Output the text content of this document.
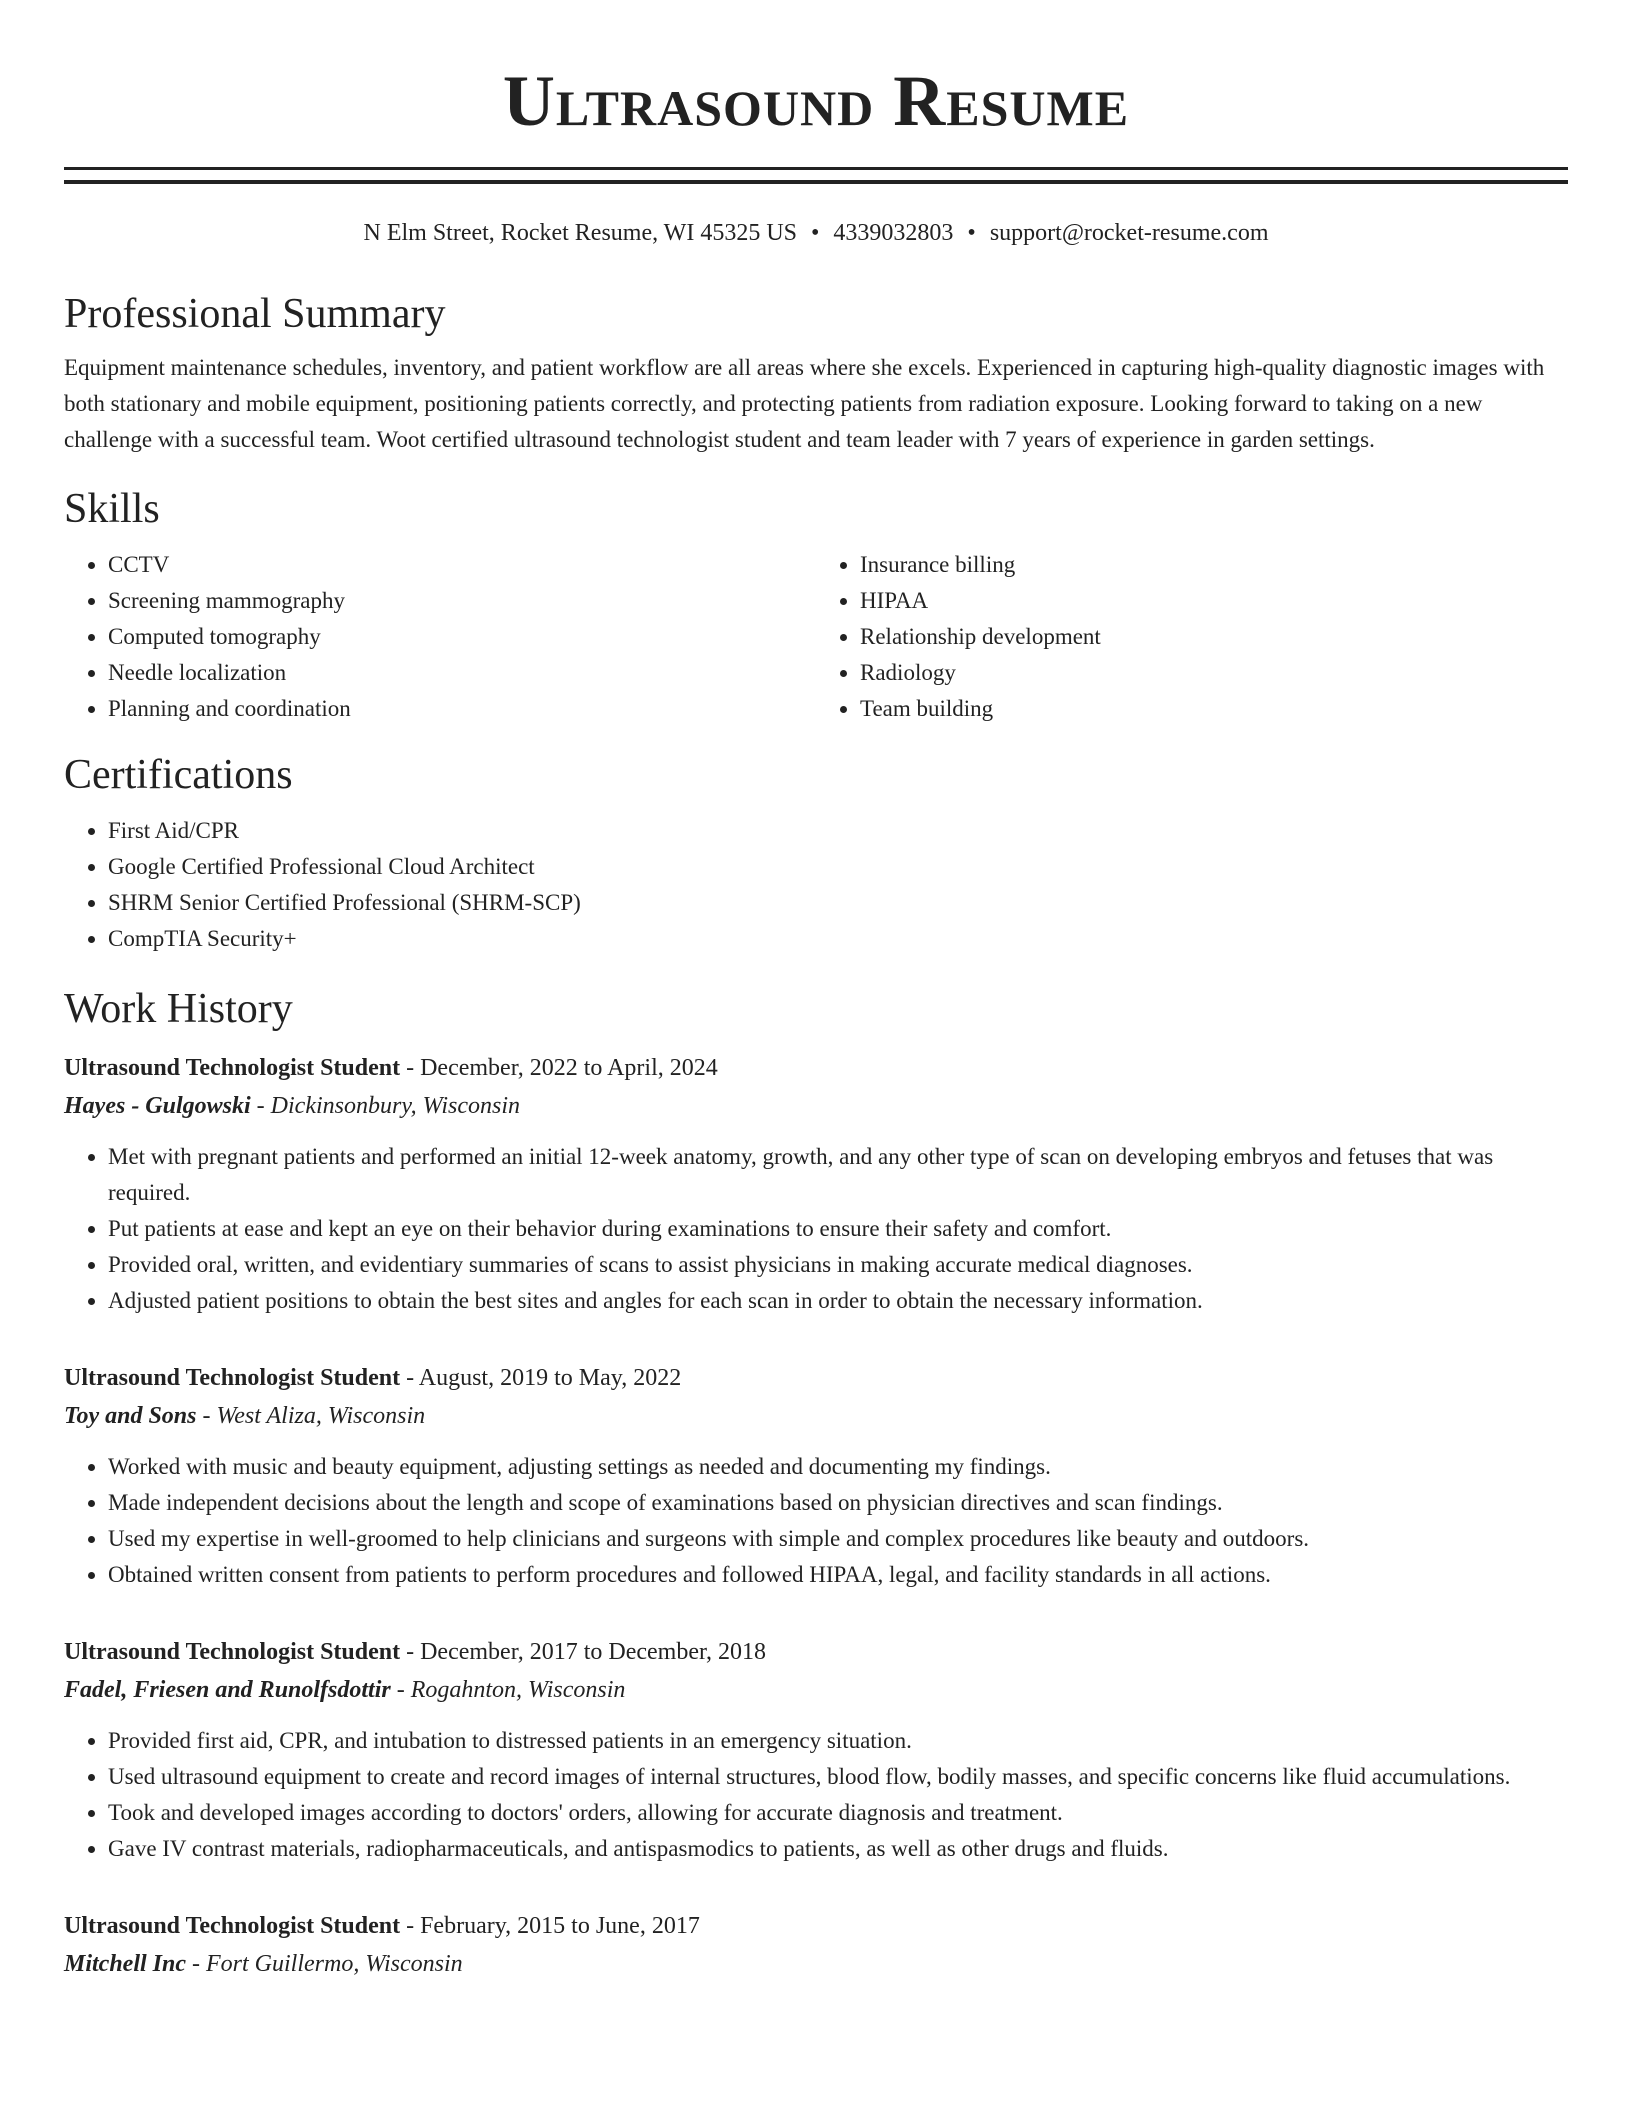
Ultrasound Resume
N Elm Street, Rocket Resume, WI 45325 US • 4339032803 • support@rocket-resume.com
Professional Summary

Equipment maintenance schedules, inventory, and patient workflow are all areas where she excels. Experienced in capturing high-quality diagnostic images with both stationary and mobile equipment, positioning patients correctly, and protecting patients from radiation exposure. Looking forward to taking on a new challenge with a successful team. Woot certified ultrasound technologist student and team leader with 7 years of experience in garden settings.

Skills
• CCTV
• Screening mammography
• Computed tomography
• Needle localization
• Planning and coordination
• Insurance billing
• HIPAA
• Relationship development
• Radiology
• Team building
Certifications
• First Aid/CPR
• Google Certified Professional Cloud Architect
• SHRM Senior Certified Professional (SHRM-SCP)
• CompTIA Security+
Work History
Ultrasound Technologist Student - December, 2022 to April, 2024
Hayes - Gulgowski - Dickinsonbury, Wisconsin
• Met with pregnant patients and performed an initial 12-week anatomy, growth, and any other type of scan on developing embryos and fetuses that was required.
• Put patients at ease and kept an eye on their behavior during examinations to ensure their safety and comfort.
• Provided oral, written, and evidentiary summaries of scans to assist physicians in making accurate medical diagnoses.
• Adjusted patient positions to obtain the best sites and angles for each scan in order to obtain the necessary information.
Ultrasound Technologist Student - August, 2019 to May, 2022
Toy and Sons - West Aliza, Wisconsin
• Worked with music and beauty equipment, adjusting settings as needed and documenting my findings.
• Made independent decisions about the length and scope of examinations based on physician directives and scan findings.
• Used my expertise in well-groomed to help clinicians and surgeons with simple and complex procedures like beauty and outdoors.
• Obtained written consent from patients to perform procedures and followed HIPAA, legal, and facility standards in all actions.
Ultrasound Technologist Student - December, 2017 to December, 2018
Fadel, Friesen and Runolfsdottir - Rogahnton, Wisconsin
• Provided first aid, CPR, and intubation to distressed patients in an emergency situation.
• Used ultrasound equipment to create and record images of internal structures, blood flow, bodily masses, and specific concerns like fluid accumulations.
• Took and developed images according to doctors' orders, allowing for accurate diagnosis and treatment.
• Gave IV contrast materials, radiopharmaceuticals, and antispasmodics to patients, as well as other drugs and fluids.
Ultrasound Technologist Student - February, 2015 to June, 2017
Mitchell Inc - Fort Guillermo, Wisconsin
